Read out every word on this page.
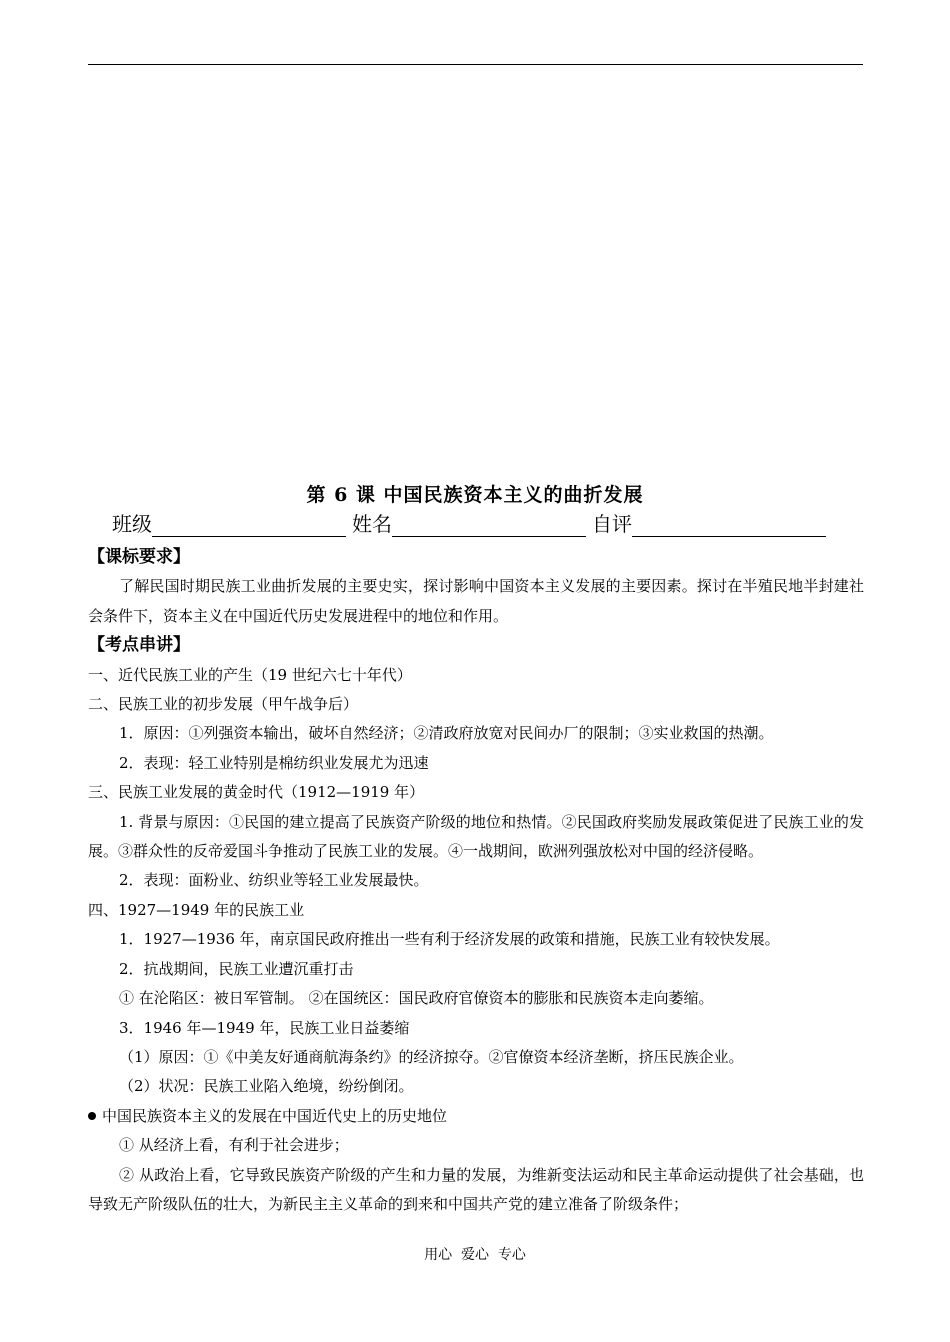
第 6 课 中国民族资本主义的曲折发展
班级	姓名	自评

【课标要求】

了解民国时期民族工业曲折发展的主要史实，探讨影响中国资本主义发展的主要因素。探讨在半殖民地半封建社会条件下，资本主义在中国近代历史发展进程中的地位和作用。

【考点串讲】

一、近代民族工业的产生（19 世纪六七十年代）

二、民族工业的初步发展（甲午战争后）

1．原因：①列强资本输出，破坏自然经济；②清政府放宽对民间办厂的限制；③实业救国的热潮。

2．表现：轻工业特别是棉纺织业发展尤为迅速

三、民族工业发展的黄金时代（1912—1919 年）

1. 背景与原因：①民国的建立提高了民族资产阶级的地位和热情。②民国政府奖励发展政策促进了民族工业的发展。③群众性的反帝爱国斗争推动了民族工业的发展。④一战期间，欧洲列强放松对中国的经济侵略。

2．表现：面粉业、纺织业等轻工业发展最快。

四、1927—1949 年的民族工业

1．1927—1936 年，南京国民政府推出一些有利于经济发展的政策和措施，民族工业有较快发展。

2．抗战期间，民族工业遭沉重打击

① 在沦陷区：被日军管制。 ②在国统区：国民政府官僚资本的膨胀和民族资本走向萎缩。

3．1946 年—1949 年，民族工业日益萎缩

（1）原因：①《中美友好通商航海条约》的经济掠夺。②官僚资本经济垄断，挤压民族企业。

（2）状况：民族工业陷入绝境，纷纷倒闭。

中国民族资本主义的发展在中国近代史上的历史地位

① 从经济上看，有利于社会进步；

② 从政治上看，它导致民族资产阶级的产生和力量的发展，为维新变法运动和民主革命运动提供了社会基础，也导致无产阶级队伍的壮大，为新民主主义革命的到来和中国共产党的建立准备了阶级条件；

用心  爱心  专心
